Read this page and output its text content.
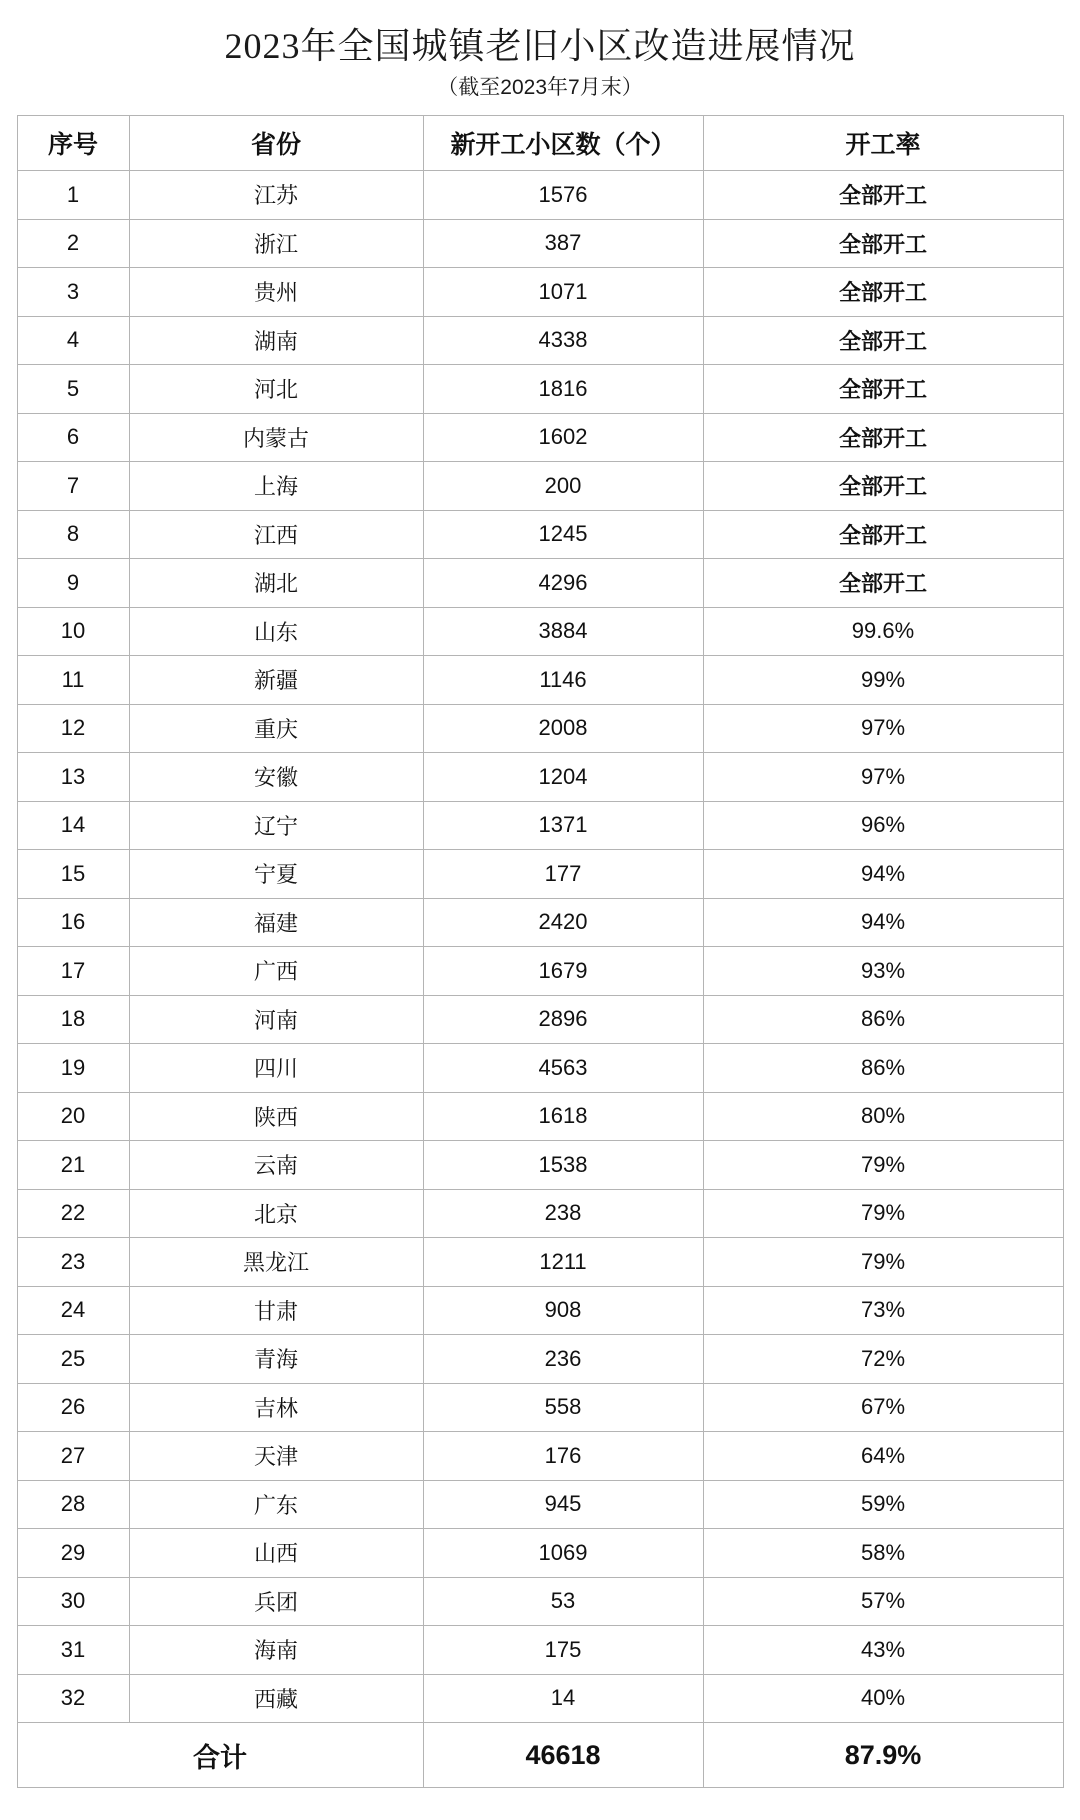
2023年全国城镇老旧小区改造进展情况
（截至2023年7月末）
序号	省份	新开工小区数（个）	开工率
1	江苏	1576	全部开工
2	浙江	387	全部开工
3	贵州	1071	全部开工
4	湖南	4338	全部开工
5	河北	1816	全部开工
6	内蒙古	1602	全部开工
7	上海	200	全部开工
8	江西	1245	全部开工
9	湖北	4296	全部开工
10	山东	3884	99.6%
11	新疆	1146	99%
12	重庆	2008	97%
13	安徽	1204	97%
14	辽宁	1371	96%
15	宁夏	177	94%
16	福建	2420	94%
17	广西	1679	93%
18	河南	2896	86%
19	四川	4563	86%
20	陕西	1618	80%
21	云南	1538	79%
22	北京	238	79%
23	黑龙江	1211	79%
24	甘肃	908	73%
25	青海	236	72%
26	吉林	558	67%
27	天津	176	64%
28	广东	945	59%
29	山西	1069	58%
30	兵团	53	57%
31	海南	175	43%
32	西藏	14	40%
合计		46618	87.9%
